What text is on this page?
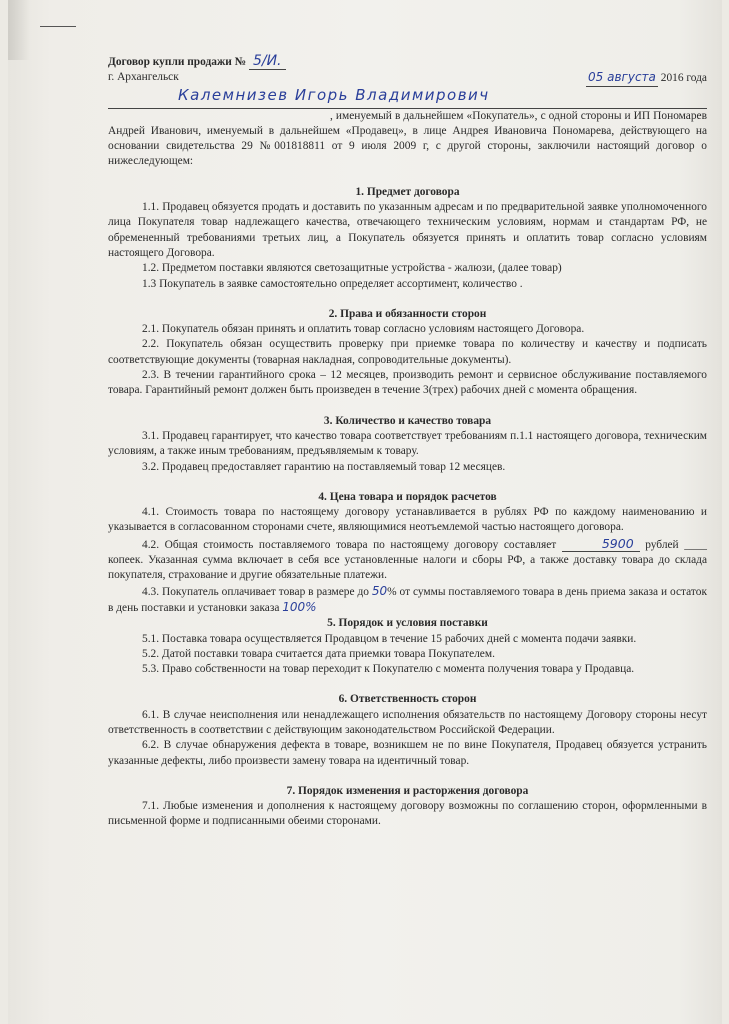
Договор купли продажи № 5/И.

г. Архангельск	05 августа 2016 года
Калемнизев Игорь Владимирович

, именуемый в дальнейшем «Покупатель», с одной стороны и ИП Пономарев Андрей Иванович, именуемый в дальнейшем «Продавец», в лице Андрея Ивановича Пономарева, действующего на основании свидетельства 29 №001818811 от 9 июля 2009 г, с другой стороны, заключили настоящий договор о нижеследующем:

1. Предмет договора

1.1. Продавец обязуется продать и доставить по указанным адресам и по предварительной заявке уполномоченного лица Покупателя товар надлежащего качества, отвечающего техническим условиям, нормам и стандартам РФ, не обремененный требованиями третьих лиц, а Покупатель обязуется принять и оплатить товар согласно условиям настоящего Договора.

1.2. Предметом поставки являются светозащитные устройства - жалюзи, (далее товар)

1.3 Покупатель в заявке самостоятельно определяет ассортимент, количество .

2. Права и обязанности сторон

2.1. Покупатель обязан принять и оплатить товар согласно условиям настоящего Договора.

2.2. Покупатель обязан осуществить проверку при приемке товара по количеству и качеству и подписать соответствующие документы (товарная накладная, сопроводительные документы).

2.3. В течении гарантийного срока – 12 месяцев, производить ремонт и сервисное обслуживание поставляемого товара. Гарантийный ремонт должен быть произведен в течение 3(трех) рабочих дней с момента обращения.

3. Количество и качество товара

3.1. Продавец гарантирует, что качество товара соответствует требованиям п.1.1 настоящего договора, техническим условиям, а также иным требованиям, предъявляемым к товару.

3.2. Продавец предоставляет гарантию на поставляемый товар 12 месяцев.

4. Цена товара и порядок расчетов

4.1. Стоимость товара по настоящему договору устанавливается в рублях РФ по каждому наименованию и указывается в согласованном сторонами счете, являющимися неотъемлемой частью настоящего договора.

4.2. Общая стоимость поставляемого товара по настоящему договору составляет	5900 рублей ____ копеек. Указанная сумма включает в себя все установленные налоги и сборы РФ, а также доставку товара до склада покупателя, страхование и другие обязательные платежи.

4.3. Покупатель оплачивает товар в размере до 50% от суммы поставляемого товара в день приема заказа и остаток в день поставки и установки заказа 100%

5. Порядок и условия поставки

5.1. Поставка товара осуществляется Продавцом в течение 15 рабочих дней с момента подачи заявки.

5.2. Датой поставки товара считается дата приемки товара Покупателем.

5.3. Право собственности на товар переходит к Покупателю с момента получения товара у Продавца.

6. Ответственность сторон

6.1. В случае неисполнения или ненадлежащего исполнения обязательств по настоящему Договору стороны несут ответственность в соответствии с действующим законодательством Российской Федерации.

6.2. В случае обнаружения дефекта в товаре, возникшем не по вине Покупателя, Продавец обязуется устранить указанные дефекты, либо произвести замену товара на идентичный товар.

7. Порядок изменения и расторжения договора

7.1. Любые изменения и дополнения к настоящему договору возможны по соглашению сторон, оформленными в письменной форме и подписанными обеими сторонами.
